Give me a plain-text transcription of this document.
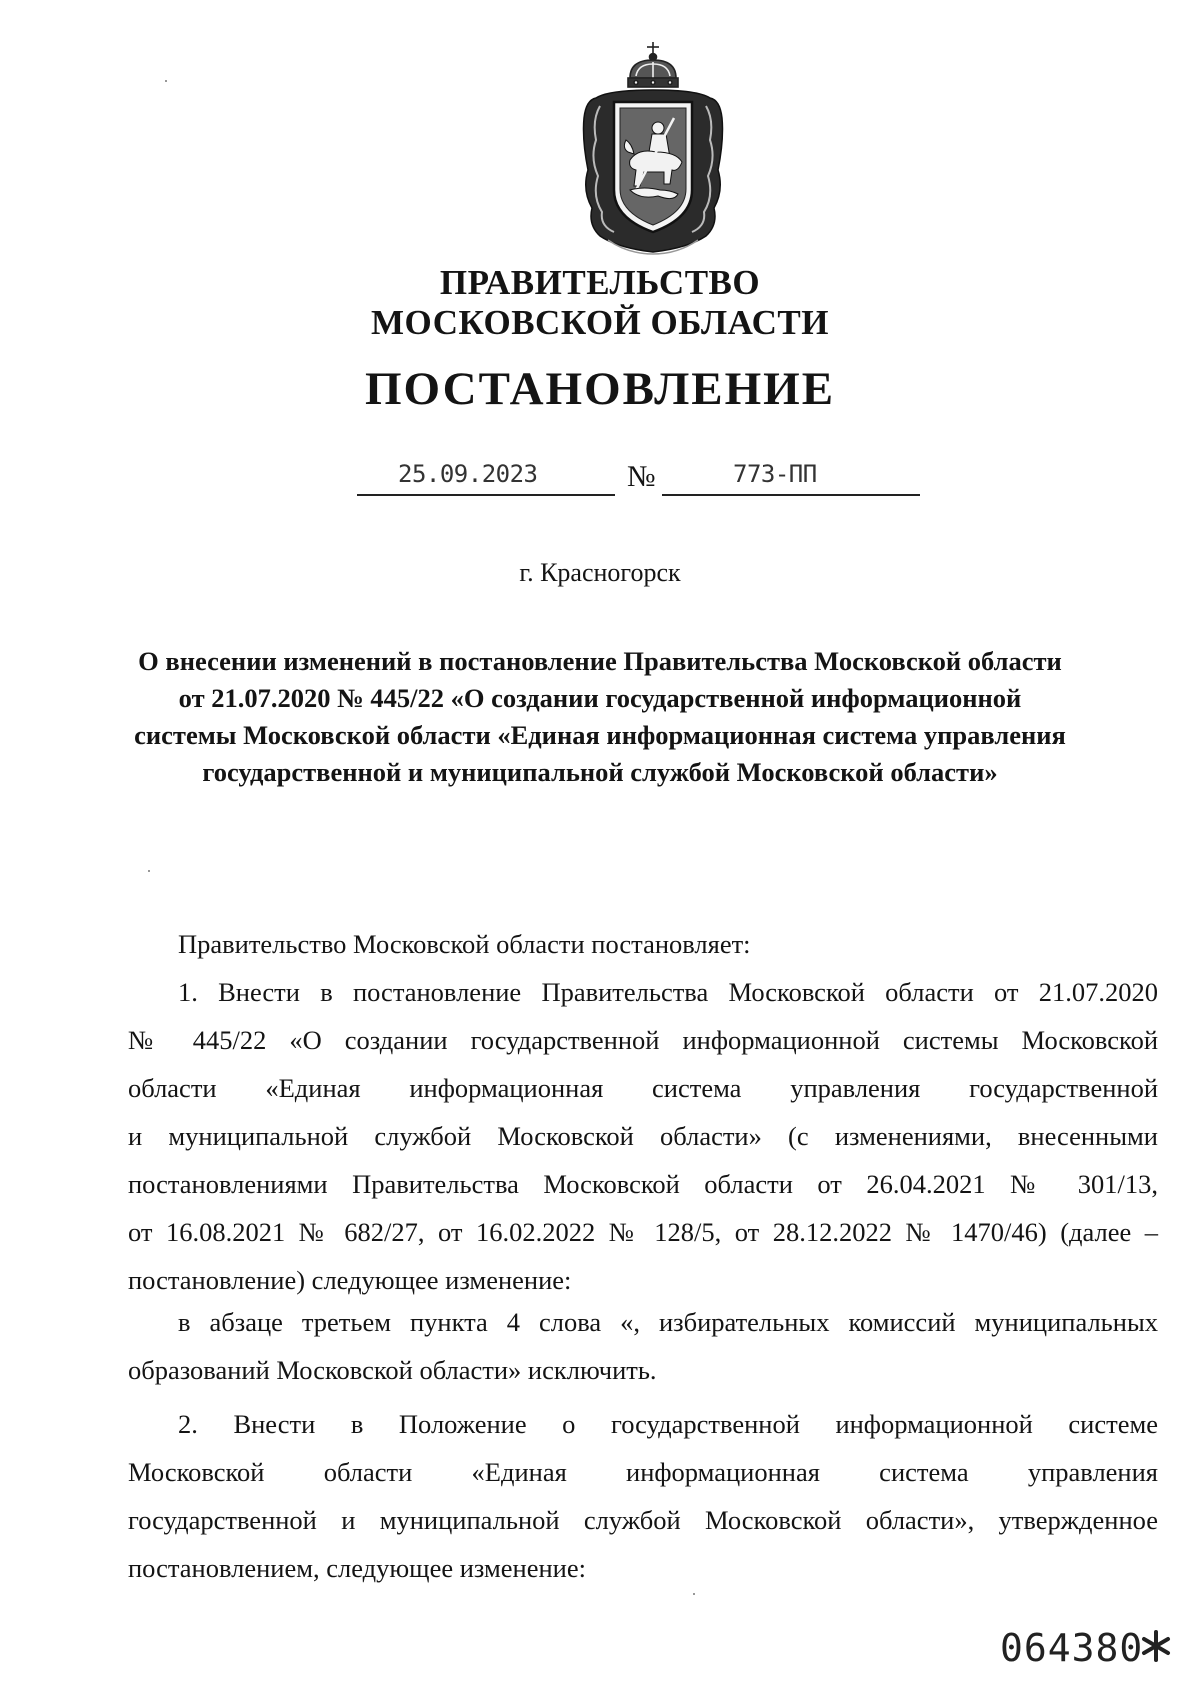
ПРАВИТЕЛЬСТВО
МОСКОВСКОЙ ОБЛАСТИ
ПОСТАНОВЛЕНИЕ
25.09.2023	№	773-ПП
г. Красногорск
О внесении изменений в постановление Правительства Московской области
от 21.07.2020 № 445/22 «О создании государственной информационной
системы Московской области «Единая информационная система управления
государственной и муниципальной службой Московской области»
Правительство Московской области постановляет:
1. Внести в постановление Правительства Московской области от 21.07.2020
№ 445/22 «О создании государственной информационной системы Московской
области «Единая информационная система управления государственной
и муниципальной службой Московской области» (с изменениями, внесенными
постановлениями Правительства Московской области от 26.04.2021 № 301/13,
от 16.08.2021 № 682/27, от 16.02.2022 № 128/5, от 28.12.2022 № 1470/46) (далее –
постановление) следующее изменение:
в абзаце третьем пункта 4 слова «, избирательных комиссий муниципальных
образований Московской области» исключить.
2. Внести в Положение о государственной информационной системе
Московской области «Единая информационная система управления
государственной и муниципальной службой Московской области», утвержденное
постановлением, следующее изменение:
064380
